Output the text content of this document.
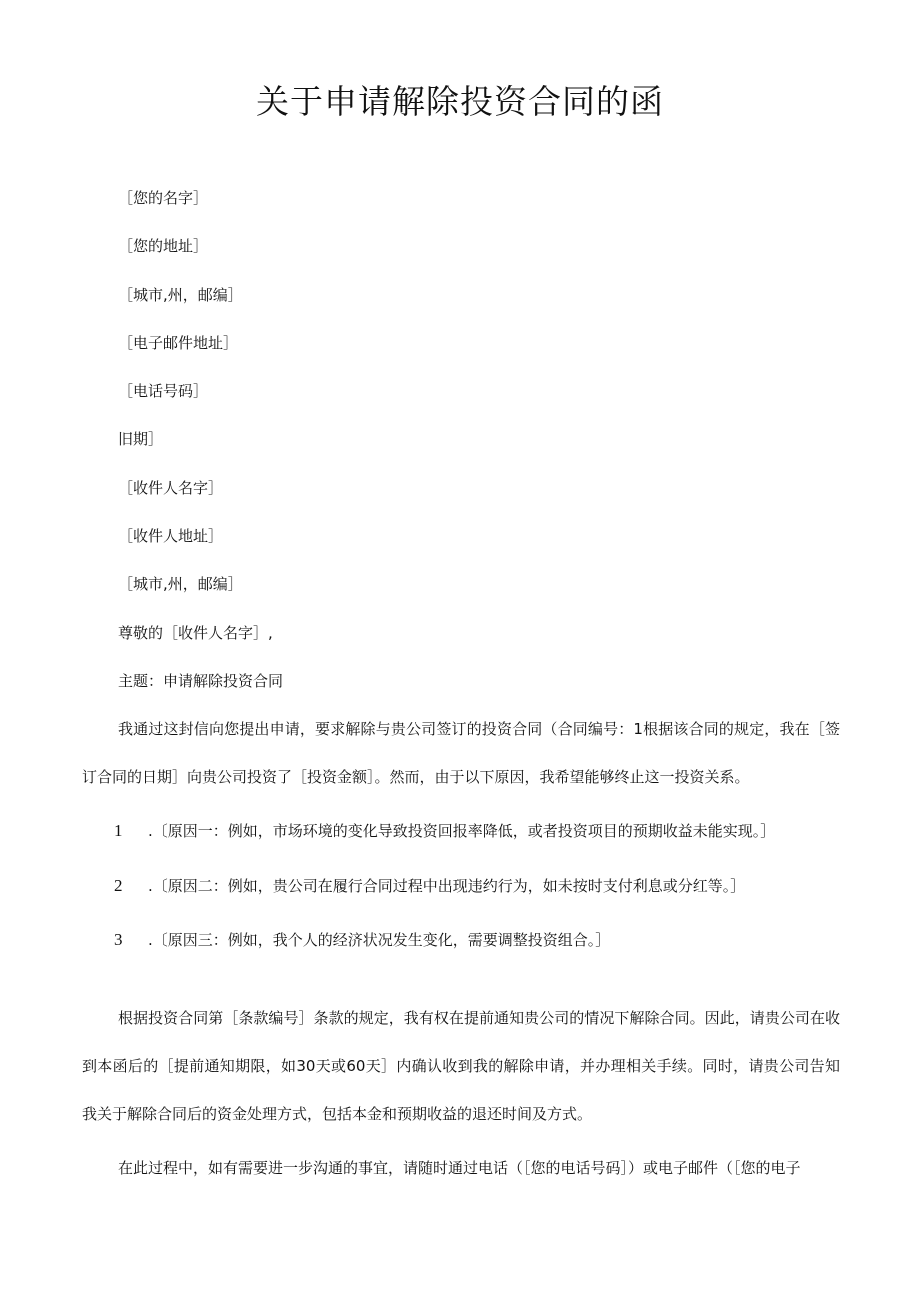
关于申请解除投资合同的函

［您的名字］

［您的地址］

［城市,州，邮编］

［电子邮件地址］

［电话号码］

旧期］

［收件人名字］

［收件人地址］

［城市,州，邮编］

尊敬的［收件人名字］,

主题：申请解除投资合同

我通过这封信向您提出申请，要求解除与贵公司签订的投资合同（合同编号：1根据该合同的规定，我在［签订合同的日期］向贵公司投资了［投资金额］。然而，由于以下原因，我希望能够终止这一投资关系。

1 .〔原因一：例如，市场环境的变化导致投资回报率降低，或者投资项目的预期收益未能实现。］

2 .〔原因二：例如，贵公司在履行合同过程中出现违约行为，如未按时支付利息或分红等。］

3 .〔原因三：例如，我个人的经济状况发生变化，需要调整投资组合。］

根据投资合同第［条款编号］条款的规定，我有权在提前通知贵公司的情况下解除合同。因此，请贵公司在收到本函后的［提前通知期限，如30天或60天］内确认收到我的解除申请，并办理相关手续。同时，请贵公司告知我关于解除合同后的资金处理方式，包括本金和预期收益的退还时间及方式。

在此过程中，如有需要进一步沟通的事宜，请随时通过电话（［您的电话号码］）或电子邮件（［您的电子
